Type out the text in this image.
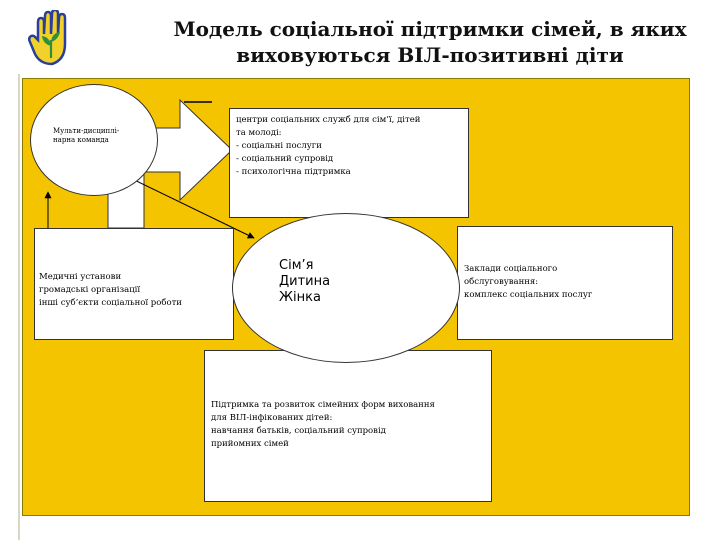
Модель соціальної підтримки сімей, в яких
виховуються ВІЛ-позитивні діти
Мульти-дисциплі-
нарна команда
центри соціальних служб для сім’ї, дітей
та молоді:
- соціальні послуги
- соціальний супровід
- психологічна підтримка
Медичні установи
громадські організації
інші суб’єкти соціальної роботи
Заклади соціального
обслуговування:
комплекс соціальних послуг
Підтримка та розвиток сімейних форм виховання
для ВІЛ-інфікованих дітей:
навчання батьків, соціальний супровід
прийомних сімей
Сім’я
Дитина
Жінка
